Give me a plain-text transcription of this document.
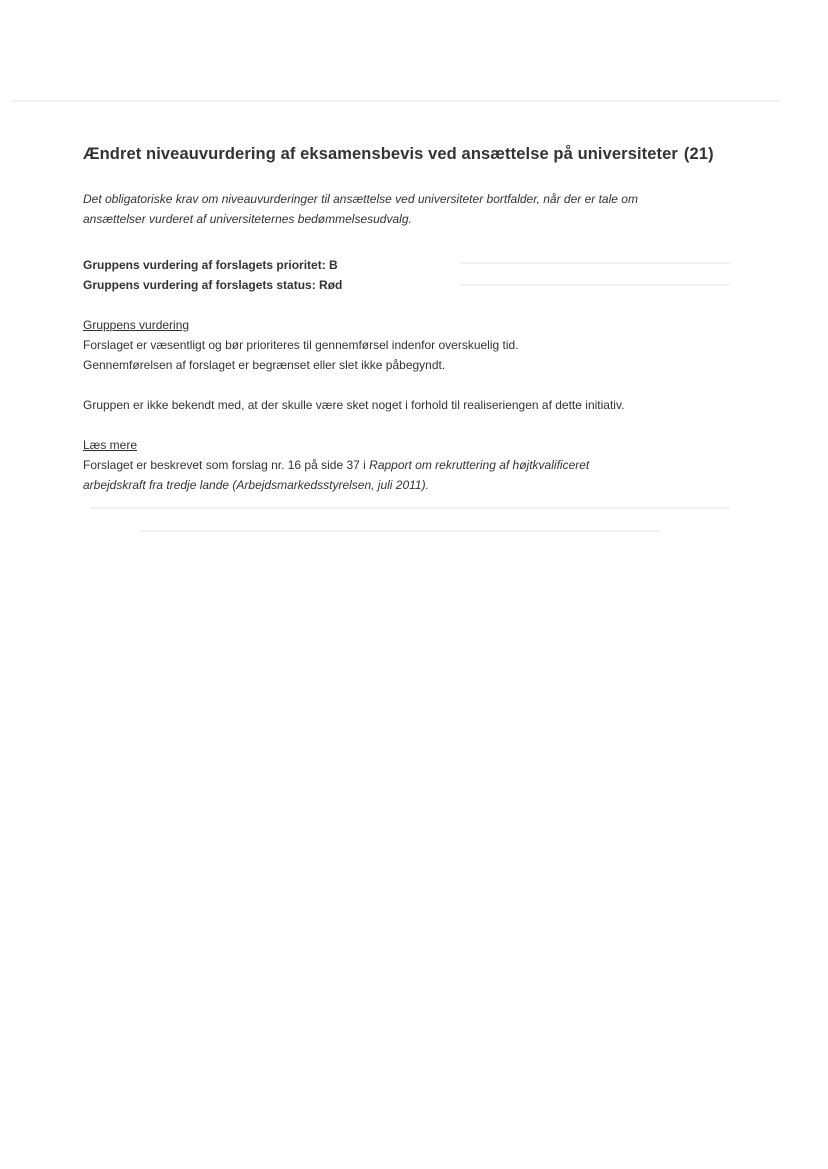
Ændret niveauvurdering af eksamensbevis ved ansættelse på universiteter (21)

Det obligatoriske krav om niveauvurderinger til ansættelse ved universiteter bortfalder, når der er tale om
ansættelser vurderet af universiteternes bedømmelsesudvalg.

Gruppens vurdering af forslagets prioritet: B
Gruppens vurdering af forslagets status: Rød
Gruppens vurdering
Forslaget er væsentligt og bør prioriteres til gennemførsel indenfor overskuelig tid.
Gennemførelsen af forslaget er begrænset eller slet ikke påbegyndt.
Gruppen er ikke bekendt med, at der skulle være sket noget i forhold til realiseriengen af dette initiativ.
Læs mere
Forslaget er beskrevet som forslag nr. 16 på side 37 i Rapport om rekruttering af højtkvalificeret
arbejdskraft fra tredje lande (Arbejdsmarkedsstyrelsen, juli 2011).
